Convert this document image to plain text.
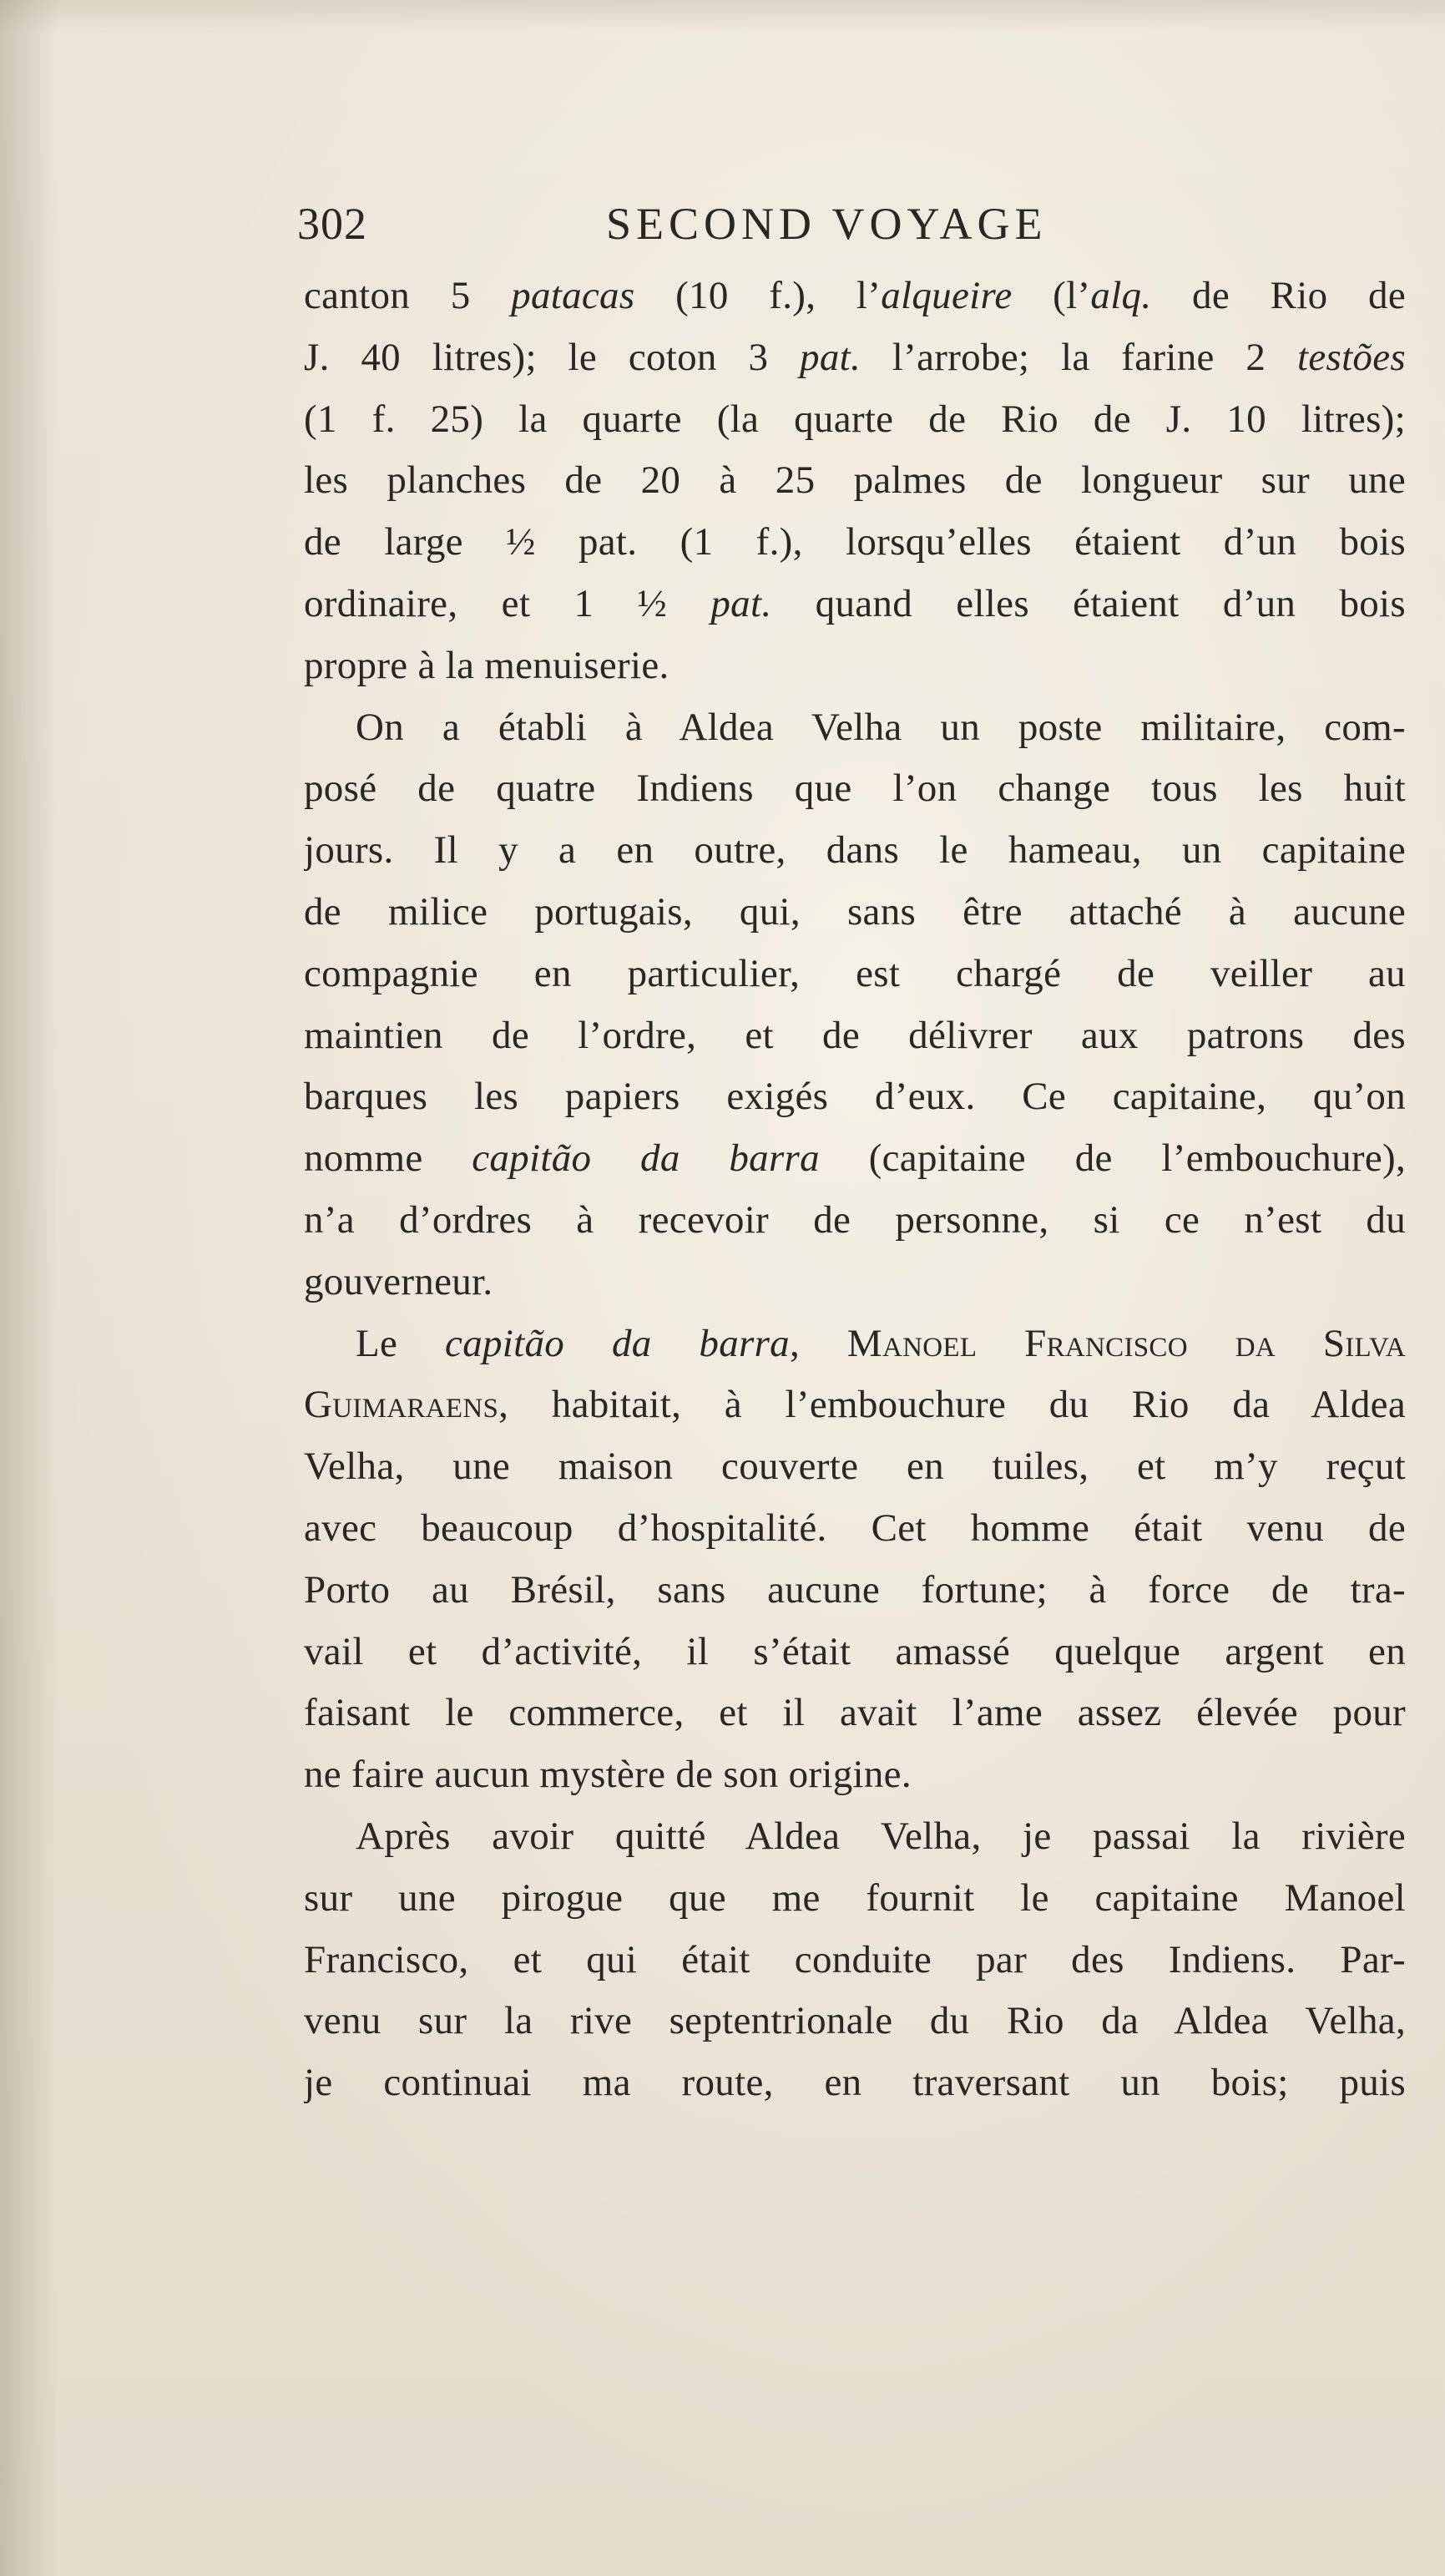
302	SECOND VOYAGE
canton 5 patacas (10 f.), l’alqueire (l’alq. de Rio de
J. 40 litres); le coton 3 pat. l’arrobe; la farine 2 testões
(1 f. 25) la quarte (la quarte de Rio de J. 10 litres);
les planches de 20 à 25 palmes de longueur sur une
de large ½ pat. (1 f.), lorsqu’elles étaient d’un bois
ordinaire, et 1 ½ pat. quand elles étaient d’un bois
propre à la menuiserie.
On a établi à Aldea Velha un poste militaire, com-
posé de quatre Indiens que l’on change tous les huit
jours. Il y a en outre, dans le hameau, un capitaine
de milice portugais, qui, sans être attaché à aucune
compagnie en particulier, est chargé de veiller au
maintien de l’ordre, et de délivrer aux patrons des
barques les papiers exigés d’eux. Ce capitaine, qu’on
nomme capitão da barra (capitaine de l’embouchure),
n’a d’ordres à recevoir de personne, si ce n’est du
gouverneur.
Le capitão da barra, Manoel Francisco da Silva
Guimaraens, habitait, à l’embouchure du Rio da Aldea
Velha, une maison couverte en tuiles, et m’y reçut
avec beaucoup d’hospitalité. Cet homme était venu de
Porto au Brésil, sans aucune fortune; à force de tra-
vail et d’activité, il s’était amassé quelque argent en
faisant le commerce, et il avait l’ame assez élevée pour
ne faire aucun mystère de son origine.
Après avoir quitté Aldea Velha, je passai la rivière
sur une pirogue que me fournit le capitaine Manoel
Francisco, et qui était conduite par des Indiens. Par-
venu sur la rive septentrionale du Rio da Aldea Velha,
je continuai ma route, en traversant un bois; puis
